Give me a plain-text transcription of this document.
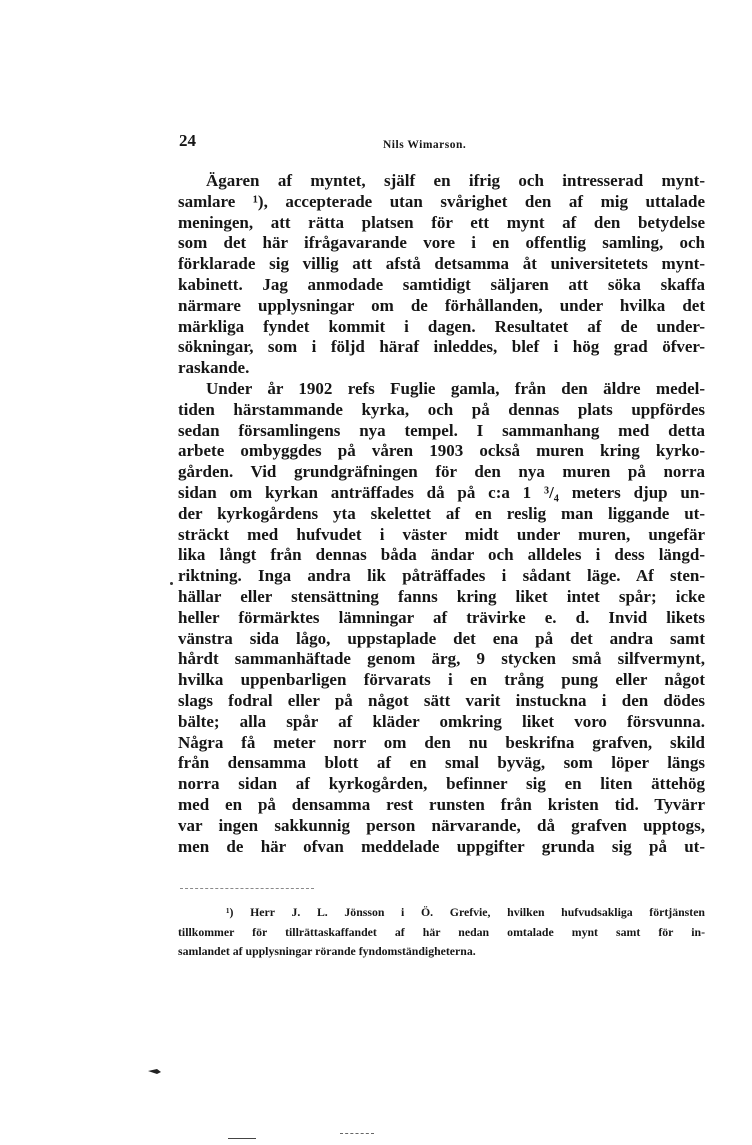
24	Nils Wimarson.
Ägaren af myntet, själf en ifrig och intresserad mynt-
samlare ¹), accepterade utan svårighet den af mig uttalade
meningen, att rätta platsen för ett mynt af den betydelse
som det här ifrågavarande vore i en offentlig samling, och
förklarade sig villig att afstå detsamma åt universitetets mynt-
kabinett. Jag anmodade samtidigt säljaren att söka skaffa
närmare upplysningar om de förhållanden, under hvilka det
märkliga fyndet kommit i dagen. Resultatet af de under-
sökningar, som i följd häraf inleddes, blef i hög grad öfver-
raskande.
Under år 1902 refs Fuglie gamla, från den äldre medel-
tiden härstammande kyrka, och på dennas plats uppfördes
sedan församlingens nya tempel. I sammanhang med detta
arbete ombyggdes på våren 1903 också muren kring kyrko-
gården. Vid grundgräfningen för den nya muren på norra
sidan om kyrkan anträffades då på c:a 1 ³/₄ meters djup un-
der kyrkogårdens yta skelettet af en reslig man liggande ut-
sträckt med hufvudet i väster midt under muren, ungefär
lika långt från dennas båda ändar och alldeles i dess längd-
riktning. Inga andra lik påträffades i sådant läge. Af sten-
hällar eller stensättning fanns kring liket intet spår; icke
heller förmärktes lämningar af trävirke e. d. Invid likets
vänstra sida lågo, uppstaplade det ena på det andra samt
hårdt sammanhäftade genom ärg, 9 stycken små silfvermynt,
hvilka uppenbarligen förvarats i en trång pung eller något
slags fodral eller på något sätt varit instuckna i den dödes
bälte; alla spår af kläder omkring liket voro försvunna.
Några få meter norr om den nu beskrifna grafven, skild
från densamma blott af en smal byväg, som löper längs
norra sidan af kyrkogården, befinner sig en liten ättehög
med en på densamma rest runsten från kristen tid. Tyvärr
var ingen sakkunnig person närvarande, då grafven upptogs,
men de här ofvan meddelade uppgifter grunda sig på ut-
¹) Herr J. L. Jönsson i Ö. Grefvie, hvilken hufvudsakliga förtjänsten
tillkommer för tillrättaskaffandet af här nedan omtalade mynt samt för in-
samlandet af upplysningar rörande fyndomständigheterna.
